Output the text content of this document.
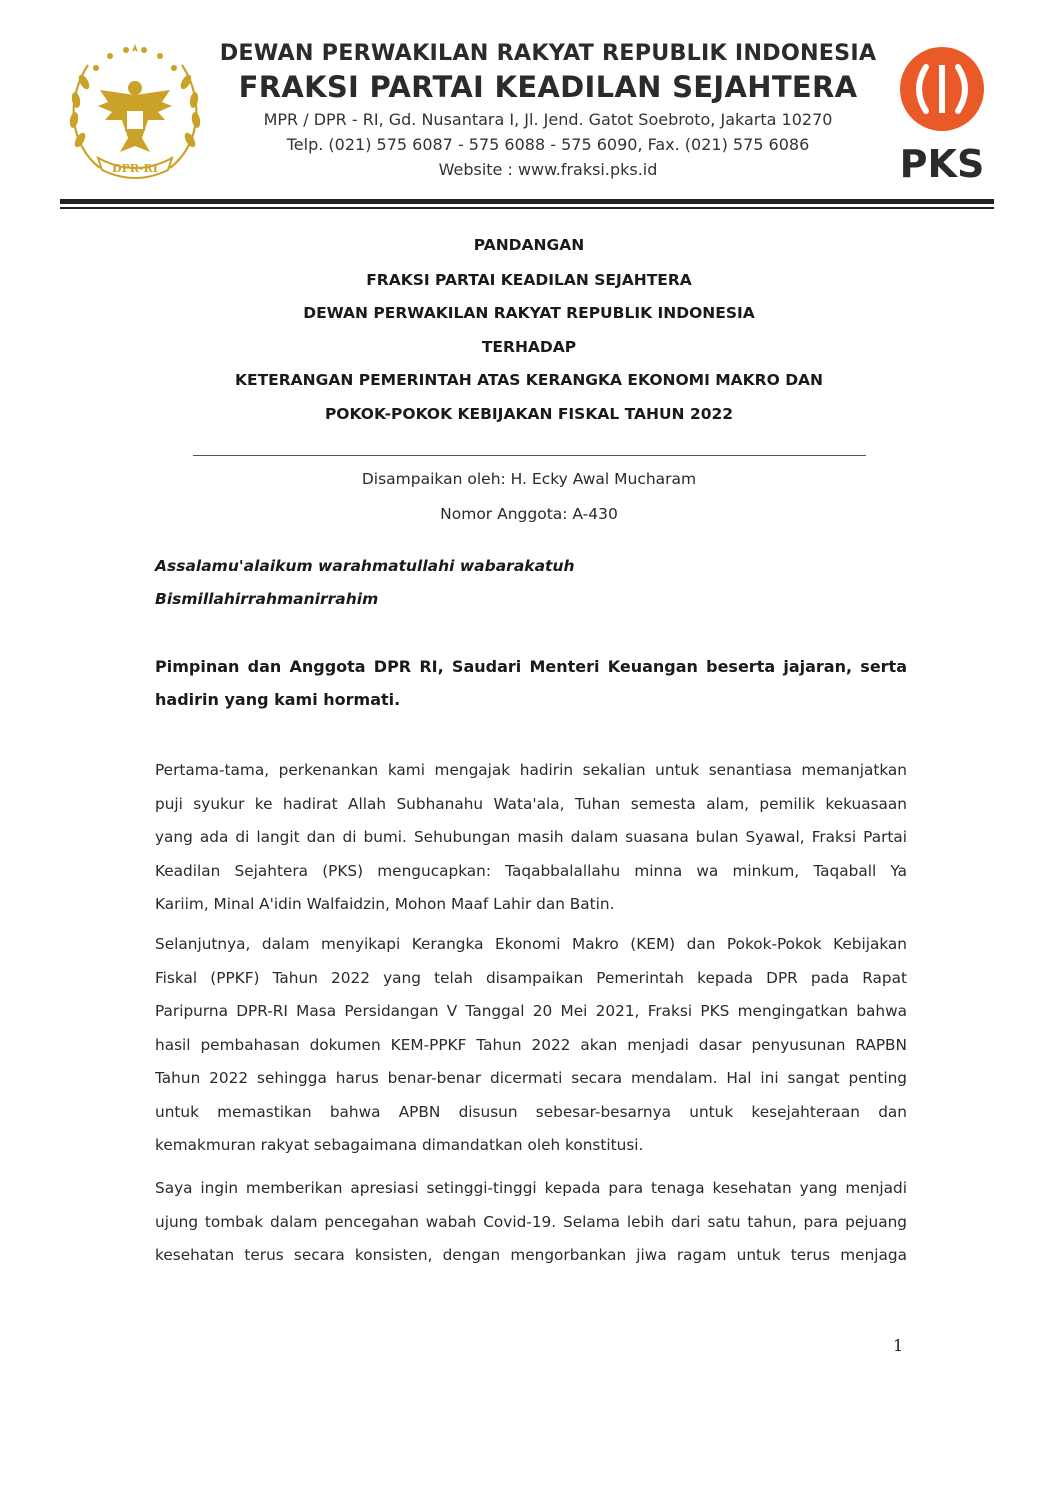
DPR-RI
DEWAN PERWAKILAN RAKYAT REPUBLIK INDONESIA
FRAKSI PARTAI KEADILAN SEJAHTERA
MPR / DPR - RI, Gd. Nusantara I, Jl. Jend. Gatot Soebroto, Jakarta 10270
Telp. (021) 575 6087 - 575 6088 - 575 6090, Fax. (021) 575 6086
Website : www.fraksi.pks.id	PKS
PANDANGAN
FRAKSI PARTAI KEADILAN SEJAHTERA
DEWAN PERWAKILAN RAKYAT REPUBLIK INDONESIA
TERHADAP
KETERANGAN PEMERINTAH ATAS KERANGKA EKONOMI MAKRO DAN
POKOK-POKOK KEBIJAKAN FISKAL TAHUN 2022
Disampaikan oleh: H. Ecky Awal Mucharam
Nomor Anggota: A-430
Assalamu'alaikum warahmatullahi wabarakatuh
Bismillahirrahmanirrahim
Pimpinan dan Anggota DPR RI, Saudari Menteri Keuangan beserta jajaran, serta
hadirin yang kami hormati.
Pertama-tama, perkenankan kami mengajak hadirin sekalian untuk senantiasa memanjatkan
puji syukur ke hadirat Allah Subhanahu Wata'ala, Tuhan semesta alam, pemilik kekuasaan
yang ada di langit dan di bumi. Sehubungan masih dalam suasana bulan Syawal, Fraksi Partai
Keadilan Sejahtera (PKS) mengucapkan: Taqabbalallahu minna wa minkum, Taqaball Ya
Kariim, Minal A'idin Walfaidzin, Mohon Maaf Lahir dan Batin.
Selanjutnya, dalam menyikapi Kerangka Ekonomi Makro (KEM) dan Pokok-Pokok Kebijakan
Fiskal (PPKF) Tahun 2022 yang telah disampaikan Pemerintah kepada DPR pada Rapat
Paripurna DPR-RI Masa Persidangan V Tanggal 20 Mei 2021, Fraksi PKS mengingatkan bahwa
hasil pembahasan dokumen KEM-PPKF Tahun 2022 akan menjadi dasar penyusunan RAPBN
Tahun 2022 sehingga harus benar-benar dicermati secara mendalam. Hal ini sangat penting
untuk memastikan bahwa APBN disusun sebesar-besarnya untuk kesejahteraan dan
kemakmuran rakyat sebagaimana dimandatkan oleh konstitusi.
Saya ingin memberikan apresiasi setinggi-tinggi kepada para tenaga kesehatan yang menjadi
ujung tombak dalam pencegahan wabah Covid-19. Selama lebih dari satu tahun, para pejuang
kesehatan terus secara konsisten, dengan mengorbankan jiwa ragam untuk terus menjaga
1
